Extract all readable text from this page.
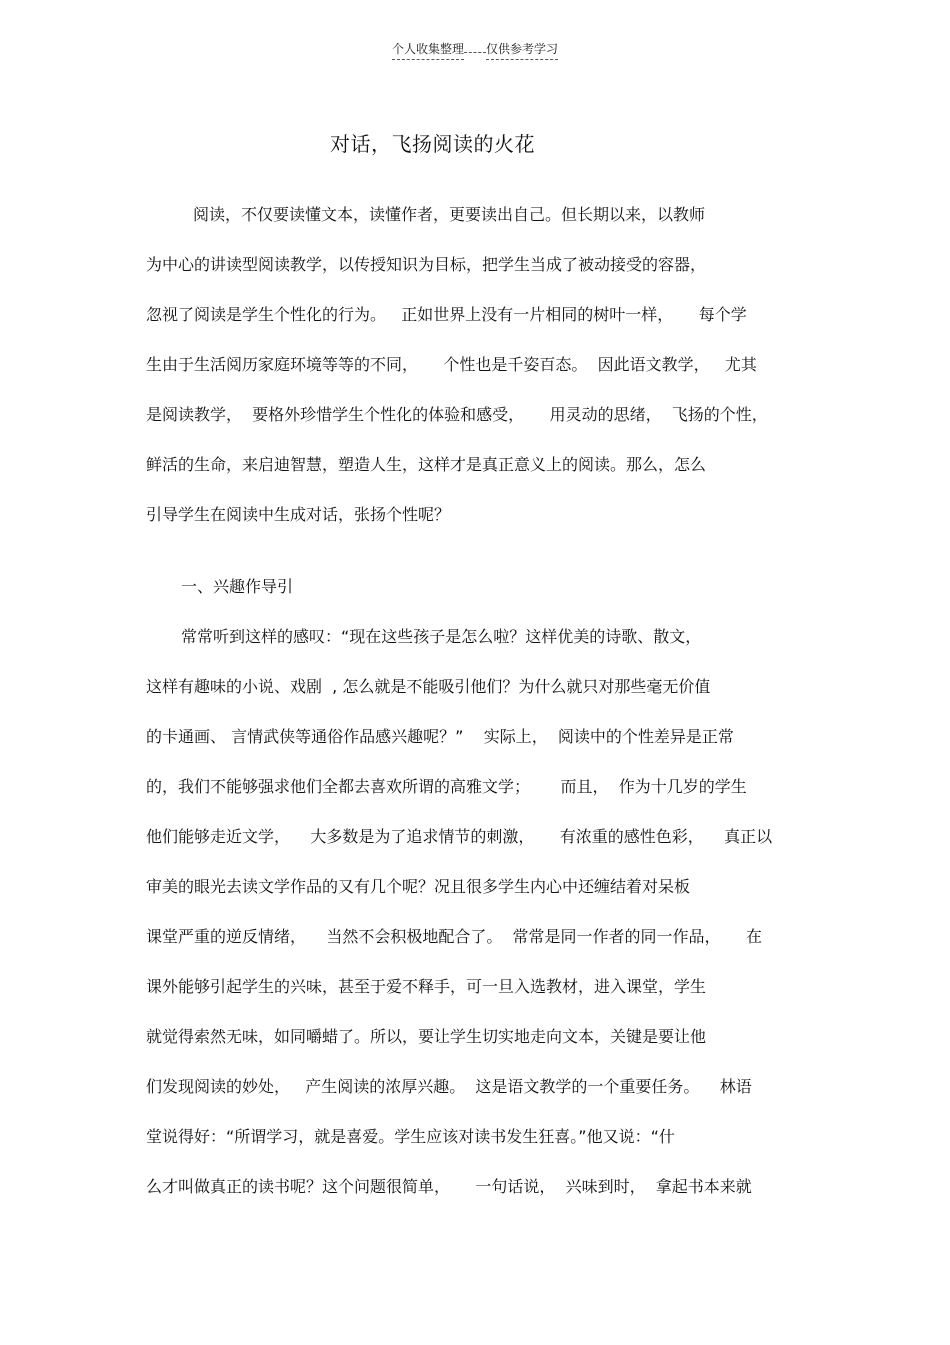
个人收集整理 仅供参考学习
对话，飞扬阅读的火花
阅读，不仅要读懂文本，读懂作者，更要读出自己。但长期以来，以教师
为中心的讲读型阅读教学，以传授知识为目标，把学生当成了被动接受的容器，
忽视了阅读是学生个性化的行为。   正如世界上没有一片相同的树叶一样，     每个学
生由于生活阅历家庭环境等等的不同，     个性也是千姿百态。  因此语文教学，   尤其
是阅读教学，  要格外珍惜学生个性化的体验和感受，     用灵动的思绪，  飞扬的个性，
鲜活的生命，来启迪智慧，塑造人生，这样才是真正意义上的阅读。那么，怎么
引导学生在阅读中生成对话，张扬个性呢？
一、兴趣作导引
常常听到这样的感叹：“现在这些孩子是怎么啦？这样优美的诗歌、散文，
这样有趣味的小说、戏剧  , 怎么就是不能吸引他们？为什么就只对那些毫无价值
的卡通画、 言情武侠等通俗作品感兴趣呢？”    实际上，  阅读中的个性差异是正常
的，我们不能够强求他们全都去喜欢所谓的高雅文学；      而且，  作为十几岁的学生
他们能够走近文学，    大多数是为了追求情节的刺激，     有浓重的感性色彩，    真正以
审美的眼光去读文学作品的又有几个呢？况且很多学生内心中还缠结着对呆板
课堂严重的逆反情绪，    当然不会积极地配合了。  常常是同一作者的同一作品，     在
课外能够引起学生的兴味，甚至于爱不释手，可一旦入选教材，进入课堂，学生
就觉得索然无味，如同嚼蜡了。所以，要让学生切实地走向文本，关键是要让他
们发现阅读的妙处，   产生阅读的浓厚兴趣。  这是语文教学的一个重要任务。    林语
堂说得好：“所谓学习，就是喜爱。学生应该对读书发生狂喜。”他又说：“什
么才叫做真正的读书呢？这个问题很简单，     一句话说，  兴味到时，  拿起书本来就
